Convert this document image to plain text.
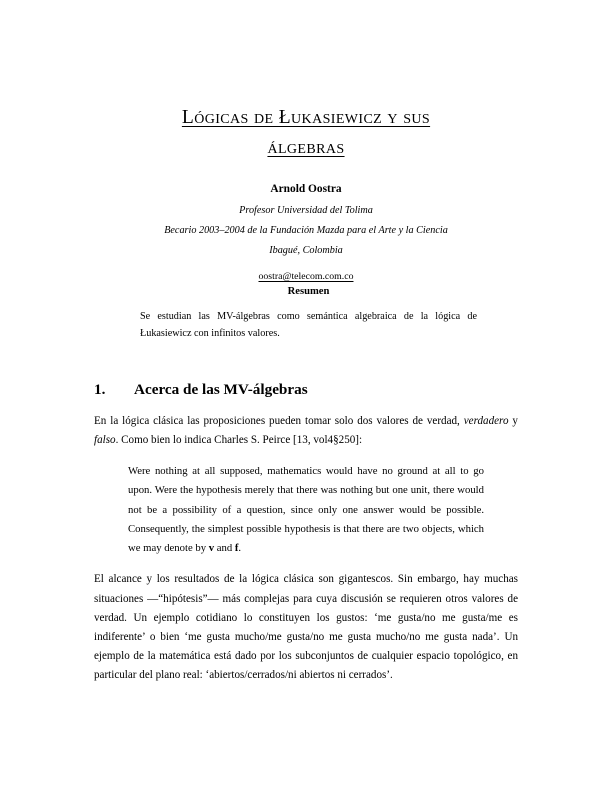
Lógicas de Łukasiewicz y sus
álgebras

Arnold Oostra

Profesor Universidad del Tolima

Becario 2003–2004 de la Fundación Mazda para el Arte y la Ciencia

Ibagué, Colombia

oostra@telecom.com.co

Resumen

Se estudian las MV-álgebras como semántica algebraica de la lógica de Łukasiewicz con infinitos valores.

1. Acerca de las MV-álgebras

En la lógica clásica las proposiciones pueden tomar solo dos valores de verdad, verdadero y falso. Como bien lo indica Charles S. Peirce [13, vol4§250]:

Were nothing at all supposed, mathematics would have no ground at all to go upon. Were the hypothesis merely that there was nothing but one unit, there would not be a possibility of a question, since only one answer would be possible. Consequently, the simplest possible hypothesis is that there are two objects, which we may denote by v and f.

El alcance y los resultados de la lógica clásica son gigantescos. Sin embargo, hay muchas situaciones —“hipótesis”— más complejas para cuya discusión se requieren otros valores de verdad. Un ejemplo cotidiano lo constituyen los gustos: ‘me gusta/no me gusta/me es indiferente’ o bien ‘me gusta mucho/me gusta/no me gusta mucho/no me gusta nada’. Un ejemplo de la matemática está dado por los subconjuntos de cualquier espacio topológico, en particular del plano real: ‘abiertos/cerrados/ni abiertos ni cerrados’.
